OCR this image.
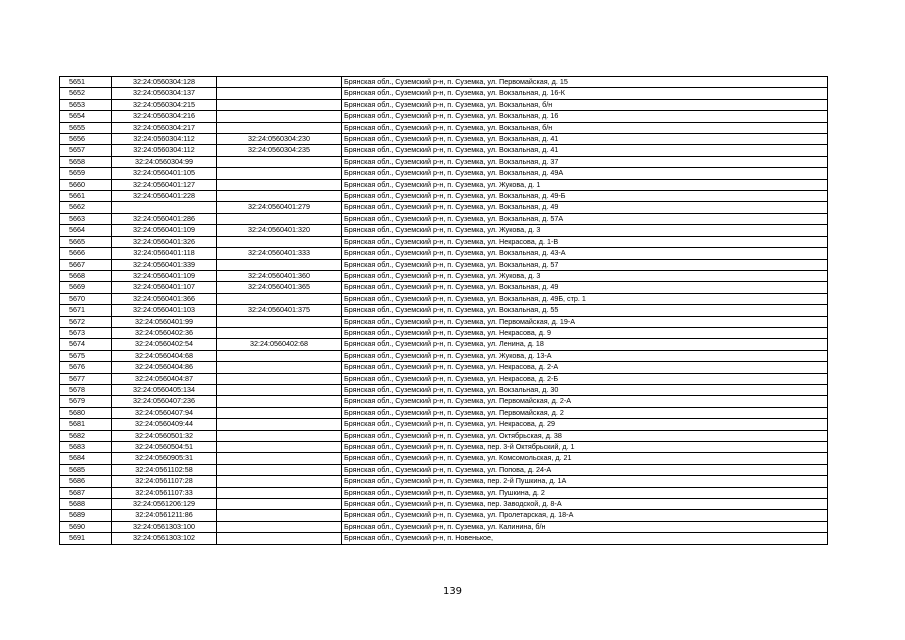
5651	32:24:0560304:128		Брянская обл., Суземский р-н, п. Суземка, ул. Первомайская, д. 15
5652	32:24:0560304:137		Брянская обл., Суземский р-н, п. Суземка, ул. Вокзальная, д. 16-К
5653	32:24:0560304:215		Брянская обл., Суземский р-н, п. Суземка, ул. Вокзальная, б/н
5654	32:24:0560304:216		Брянская обл., Суземский р-н, п. Суземка, ул. Вокзальная, д. 16
5655	32:24:0560304:217		Брянская обл., Суземский р-н, п. Суземка, ул. Вокзальная, б/н
5656	32:24:0560304:112	32:24:0560304:230	Брянская обл., Суземский р-н, п. Суземка, ул. Вокзальная, д. 41
5657	32:24:0560304:112	32:24:0560304:235	Брянская обл., Суземский р-н, п. Суземка, ул. Вокзальная, д. 41
5658	32:24:0560304:99		Брянская обл., Суземский р-н, п. Суземка, ул. Вокзальная, д. 37
5659	32:24:0560401:105		Брянская обл., Суземский р-н, п. Суземка, ул. Вокзальная, д. 49А
5660	32:24:0560401:127		Брянская обл., Суземский р-н, п. Суземка, ул. Жукова, д. 1
5661	32:24:0560401:228		Брянская обл., Суземский р-н, п. Суземка, ул. Вокзальная, д. 49-Б
5662		32:24:0560401:279	Брянская обл., Суземский р-н, п. Суземка, ул. Вокзальная, д. 49
5663	32:24:0560401:286		Брянская обл., Суземский р-н, п. Суземка, ул. Вокзальная, д. 57А
5664	32:24:0560401:109	32:24:0560401:320	Брянская обл., Суземский р-н, п. Суземка, ул. Жукова, д. 3
5665	32:24:0560401:326		Брянская обл., Суземский р-н, п. Суземка, ул. Некрасова, д. 1-В
5666	32:24:0560401:118	32:24:0560401:333	Брянская обл., Суземский р-н, п. Суземка, ул. Вокзальная, д. 43-А
5667	32:24:0560401:339		Брянская обл., Суземский р-н, п. Суземка, ул. Вокзальная, д. 57
5668	32:24:0560401:109	32:24:0560401:360	Брянская обл., Суземский р-н, п. Суземка, ул. Жукова, д. 3
5669	32:24:0560401:107	32:24:0560401:365	Брянская обл., Суземский р-н, п. Суземка, ул. Вокзальная, д. 49
5670	32:24:0560401:366		Брянская обл., Суземский р-н, п. Суземка, ул. Вокзальная, д. 49Б, стр. 1
5671	32:24:0560401:103	32:24:0560401:375	Брянская обл., Суземский р-н, п. Суземка, ул. Вокзальная, д. 55
5672	32:24:0560401:99		Брянская обл., Суземский р-н, п. Суземка, ул. Первомайская, д. 19-А
5673	32:24:0560402:36		Брянская обл., Суземский р-н, п. Суземка, ул. Некрасова, д. 9
5674	32:24:0560402:54	32:24:0560402:68	Брянская обл., Суземский р-н, п. Суземка, ул. Ленина, д. 18
5675	32:24:0560404:68		Брянская обл., Суземский р-н, п. Суземка, ул. Жукова, д. 13-А
5676	32:24:0560404:86		Брянская обл., Суземский р-н, п. Суземка, ул. Некрасова, д. 2-А
5677	32:24:0560404:87		Брянская обл., Суземский р-н, п. Суземка, ул. Некрасова, д. 2-Б
5678	32:24:0560405:134		Брянская обл., Суземский р-н, п. Суземка, ул. Вокзальная, д. 30
5679	32:24:0560407:236		Брянская обл., Суземский р-н, п. Суземка, ул. Первомайская, д. 2-А
5680	32:24:0560407:94		Брянская обл., Суземский р-н, п. Суземка, ул. Первомайская, д. 2
5681	32:24:0560409:44		Брянская обл., Суземский р-н, п. Суземка, ул. Некрасова, д. 29
5682	32:24:0560501:32		Брянская обл., Суземский р-н, п. Суземка, ул. Октябрьская, д. 38
5683	32:24:0560504:51		Брянская обл., Суземский р-н, п. Суземка, пер. 3-й Октябрьский, д. 1
5684	32:24:0560905:31		Брянская обл., Суземский р-н, п. Суземка, ул. Комсомольская, д. 21
5685	32:24:0561102:58		Брянская обл., Суземский р-н, п. Суземка, ул. Попова, д. 24-А
5686	32:24:0561107:28		Брянская обл., Суземский р-н, п. Суземка, пер. 2-й Пушкина, д. 1А
5687	32:24:0561107:33		Брянская обл., Суземский р-н, п. Суземка, ул. Пушкина, д. 2
5688	32:24:0561206:129		Брянская обл., Суземский р-н, п. Суземка, пер. Заводской, д. 8-А
5689	32:24:0561211:86		Брянская обл., Суземский р-н, п. Суземка, ул. Пролетарская, д. 18-А
5690	32:24:0561303:100		Брянская обл., Суземский р-н, п. Суземка, ул. Калинина, б/н
5691	32:24:0561303:102		Брянская обл., Суземский р-н, п. Новенькое,
139
